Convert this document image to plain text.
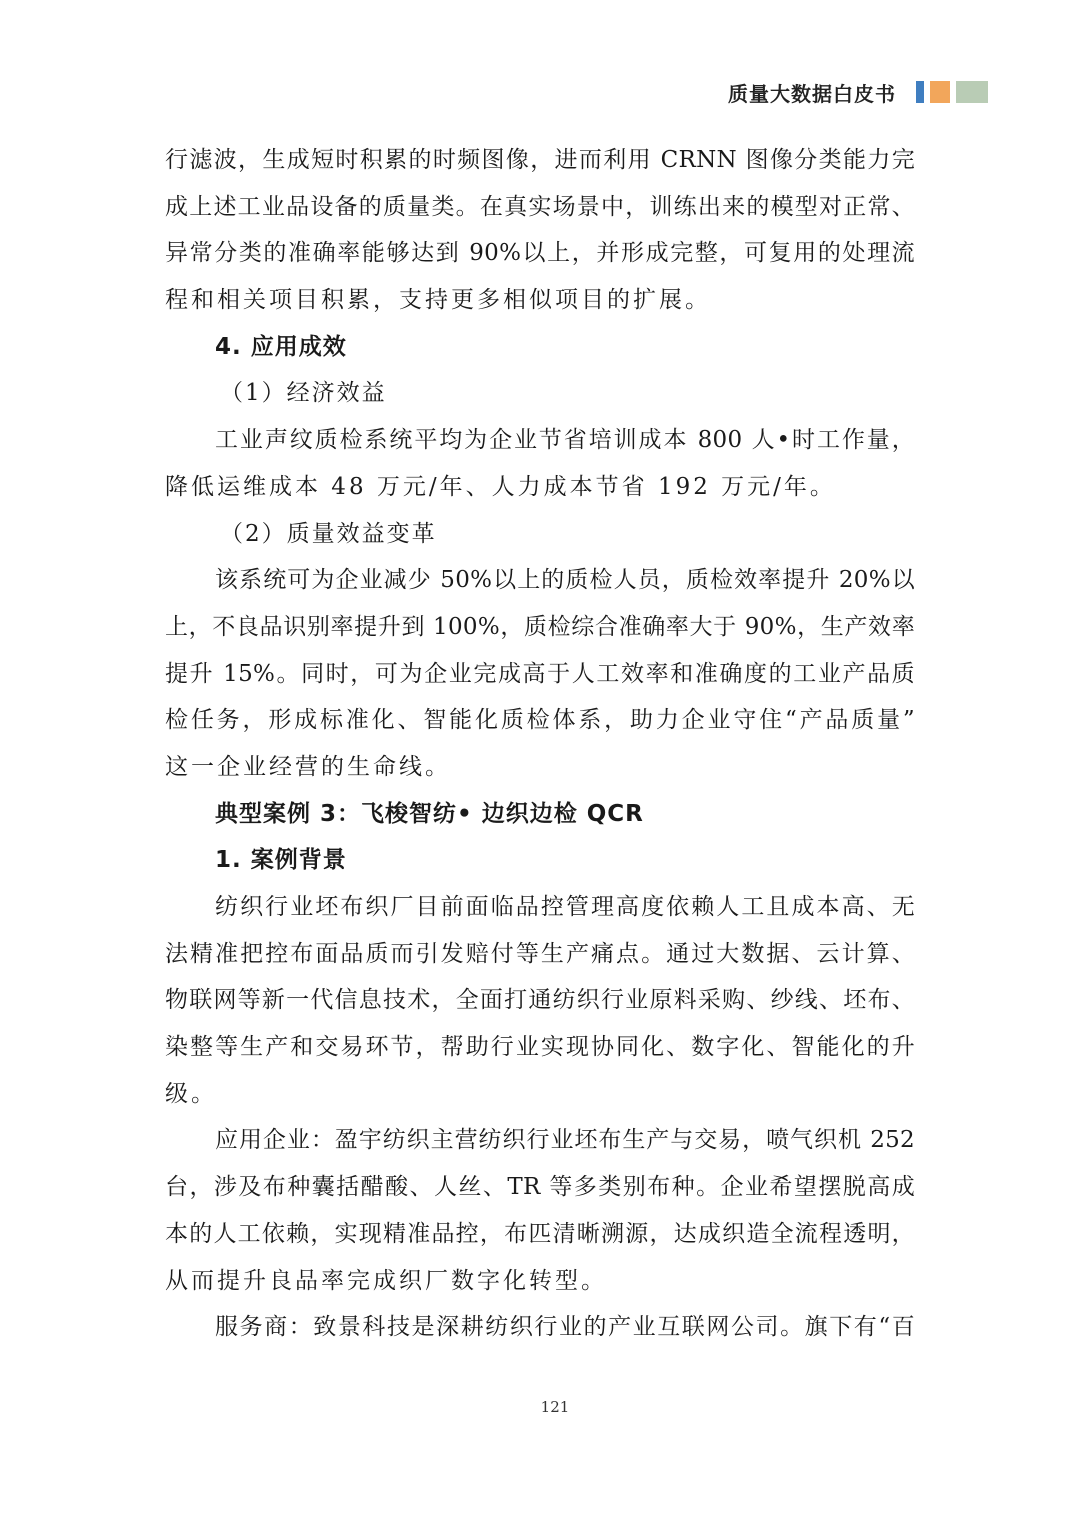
质量大数据白皮书
行滤波，生成短时积累的时频图像，进而利用 CRNN 图像分类能力完
成上述工业品设备的质量类。在真实场景中，训练出来的模型对正常、
异常分类的准确率能够达到 90%以上，并形成完整，可复用的处理流
程和相关项目积累，支持更多相似项目的扩展。
4. 应用成效
（1）经济效益
工业声纹质检系统平均为企业节省培训成本 800 人•时工作量，
降低运维成本 48 万元/年、人力成本节省 192 万元/年。
（2）质量效益变革
该系统可为企业减少 50%以上的质检人员，质检效率提升 20%以
上，不良品识别率提升到 100%，质检综合准确率大于 90%，生产效率
提升 15%。同时，可为企业完成高于人工效率和准确度的工业产品质
检任务，形成标准化、智能化质检体系，助力企业守住“产品质量”
这一企业经营的生命线。
典型案例 3：飞梭智纺• 边织边检 QCR
1. 案例背景
纺织行业坯布织厂目前面临品控管理高度依赖人工且成本高、无
法精准把控布面品质而引发赔付等生产痛点。通过大数据、云计算、
物联网等新一代信息技术，全面打通纺织行业原料采购、纱线、坯布、
染整等生产和交易环节，帮助行业实现协同化、数字化、智能化的升
级。
应用企业：盈宇纺织主营纺织行业坯布生产与交易，喷气织机 252
台，涉及布种囊括醋酸、人丝、TR 等多类别布种。企业希望摆脱高成
本的人工依赖，实现精准品控，布匹清晰溯源，达成织造全流程透明，
从而提升良品率完成织厂数字化转型。
服务商：致景科技是深耕纺织行业的产业互联网公司。旗下有“百
121
